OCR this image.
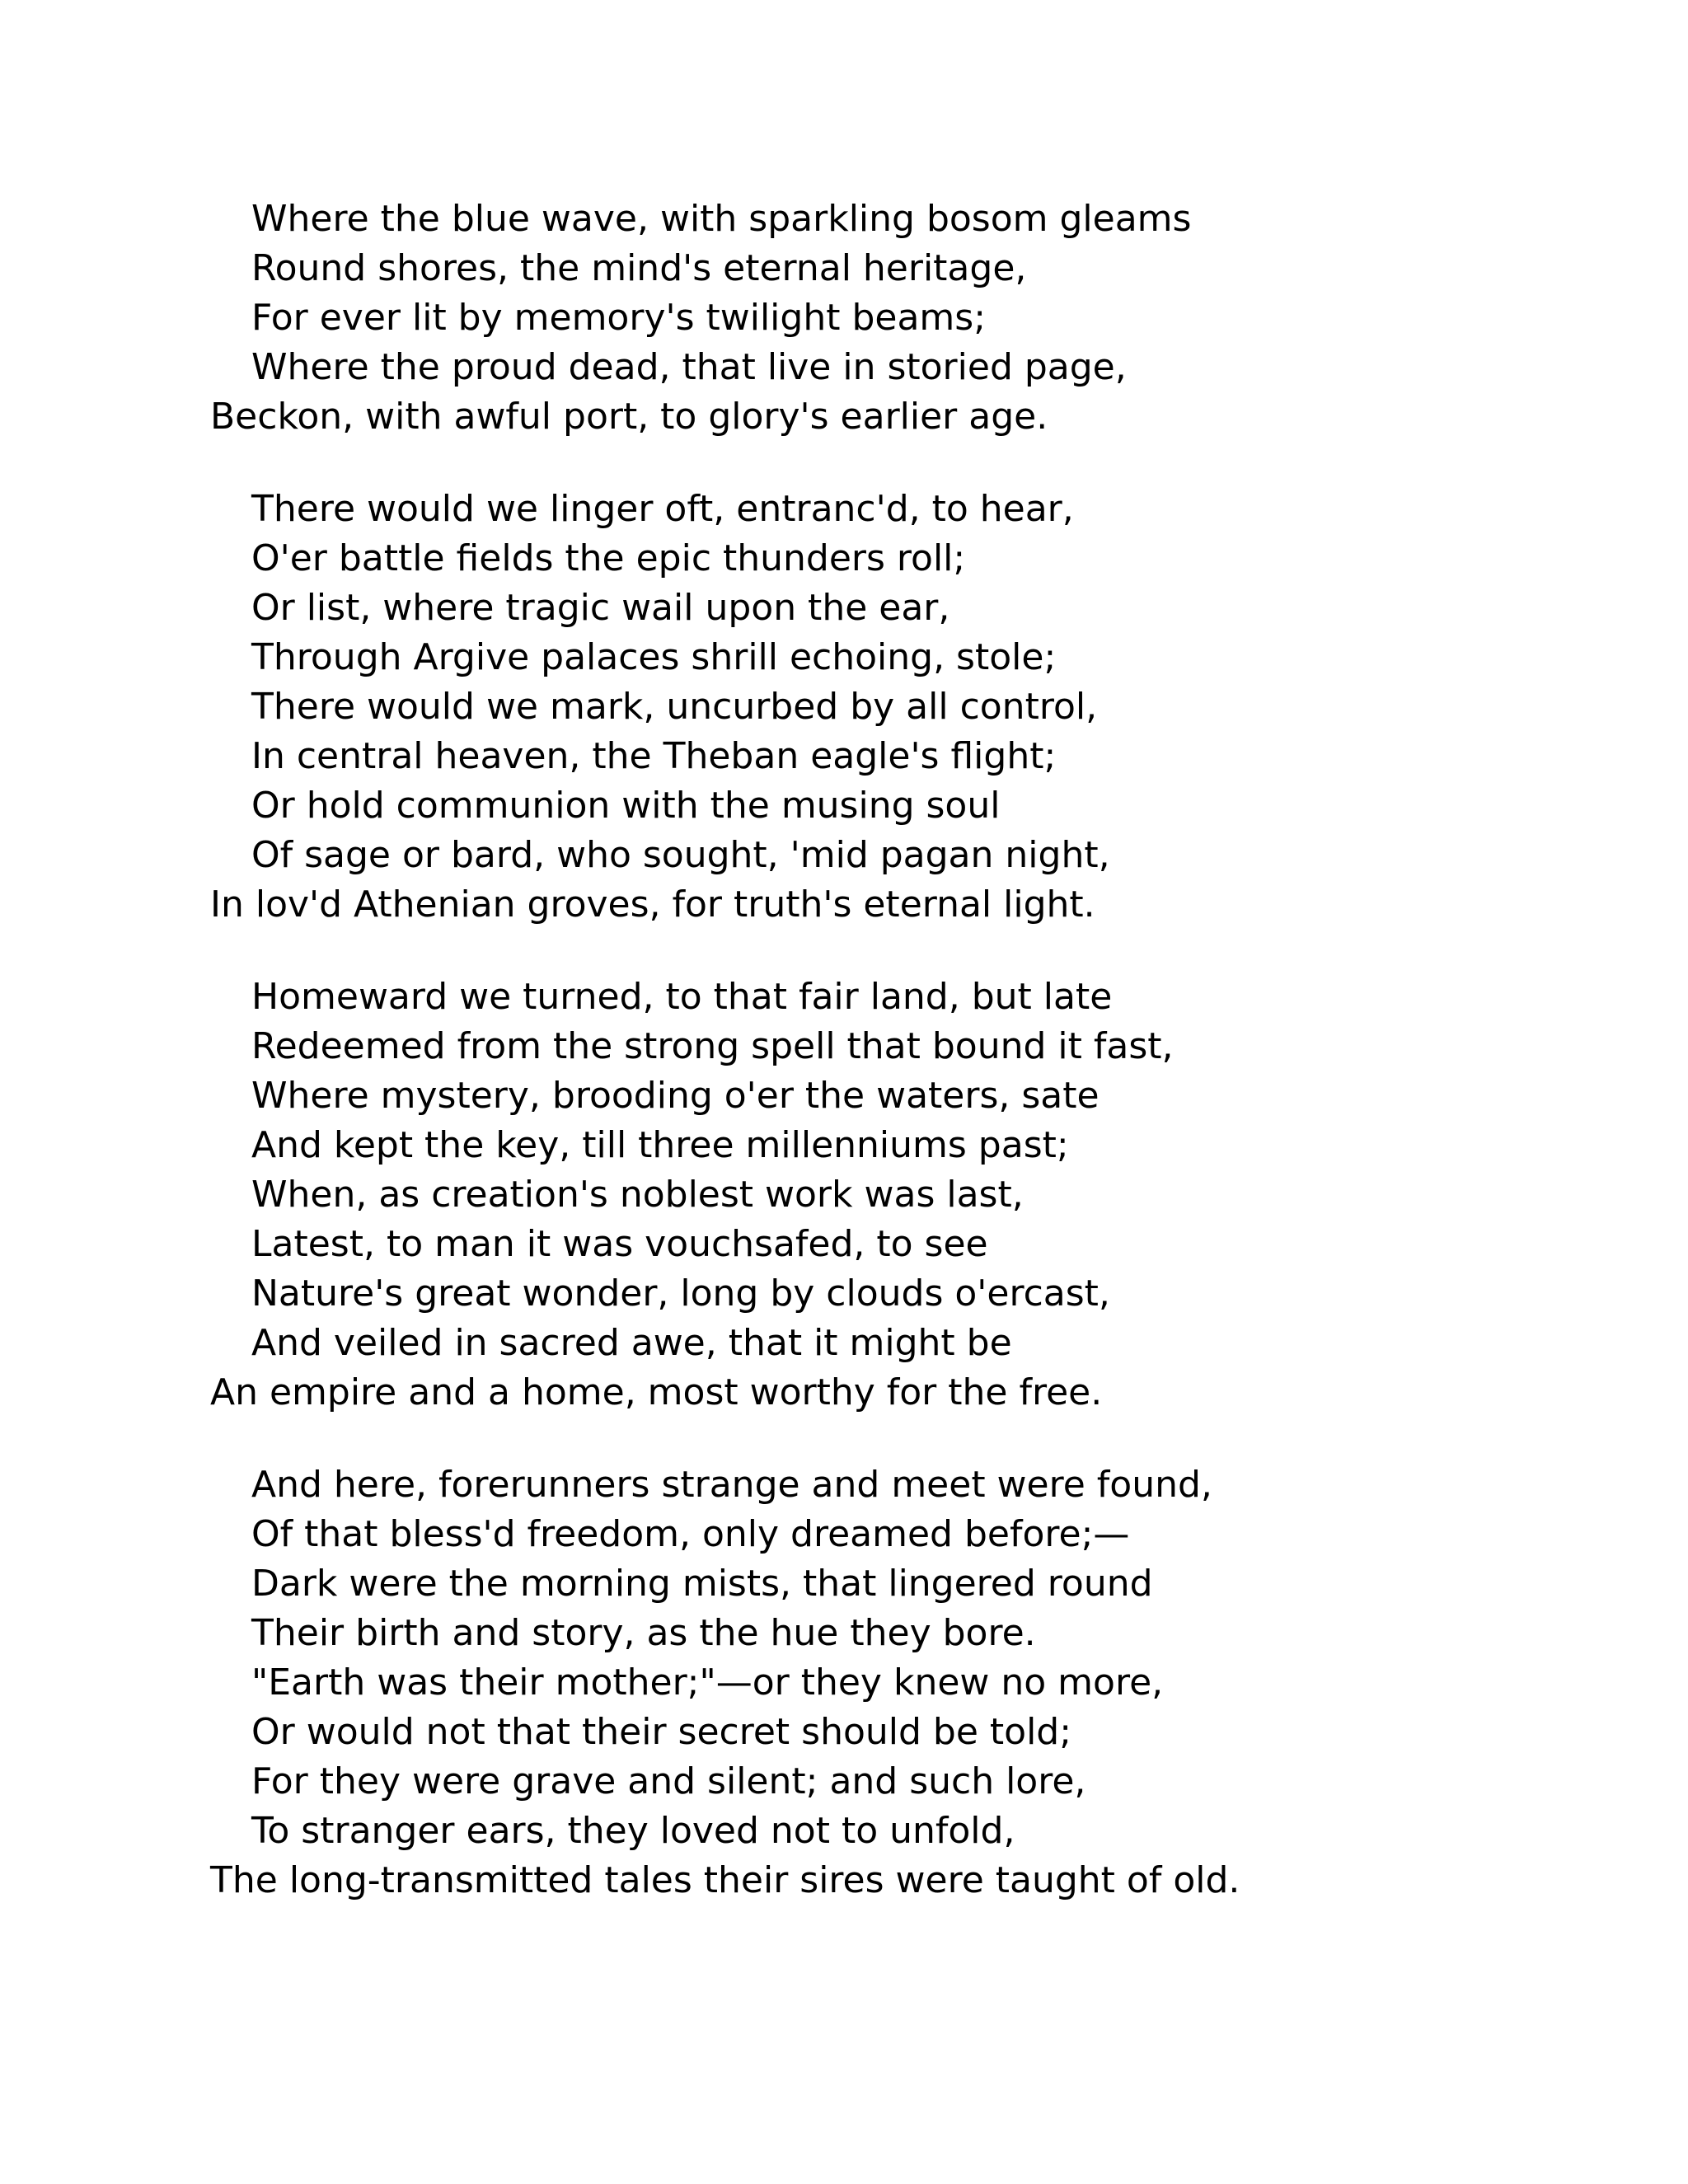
Where the blue wave, with sparkling bosom gleams
Round shores, the mind's eternal heritage,
For ever lit by memory's twilight beams;
Where the proud dead, that live in storied page,
Beckon, with awful port, to glory's earlier age.
There would we linger oft, entranc'd, to hear,
O'er battle fields the epic thunders roll;
Or list, where tragic wail upon the ear,
Through Argive palaces shrill echoing, stole;
There would we mark, uncurbed by all control,
In central heaven, the Theban eagle's flight;
Or hold communion with the musing soul
Of sage or bard, who sought, 'mid pagan night,
In lov'd Athenian groves, for truth's eternal light.
Homeward we turned, to that fair land, but late
Redeemed from the strong spell that bound it fast,
Where mystery, brooding o'er the waters, sate
And kept the key, till three millenniums past;
When, as creation's noblest work was last,
Latest, to man it was vouchsafed, to see
Nature's great wonder, long by clouds o'ercast,
And veiled in sacred awe, that it might be
An empire and a home, most worthy for the free.
And here, forerunners strange and meet were found,
Of that bless'd freedom, only dreamed before;—
Dark were the morning mists, that lingered round
Their birth and story, as the hue they bore.
"Earth was their mother;"—or they knew no more,
Or would not that their secret should be told;
For they were grave and silent; and such lore,
To stranger ears, they loved not to unfold,
The long-transmitted tales their sires were taught of old.
